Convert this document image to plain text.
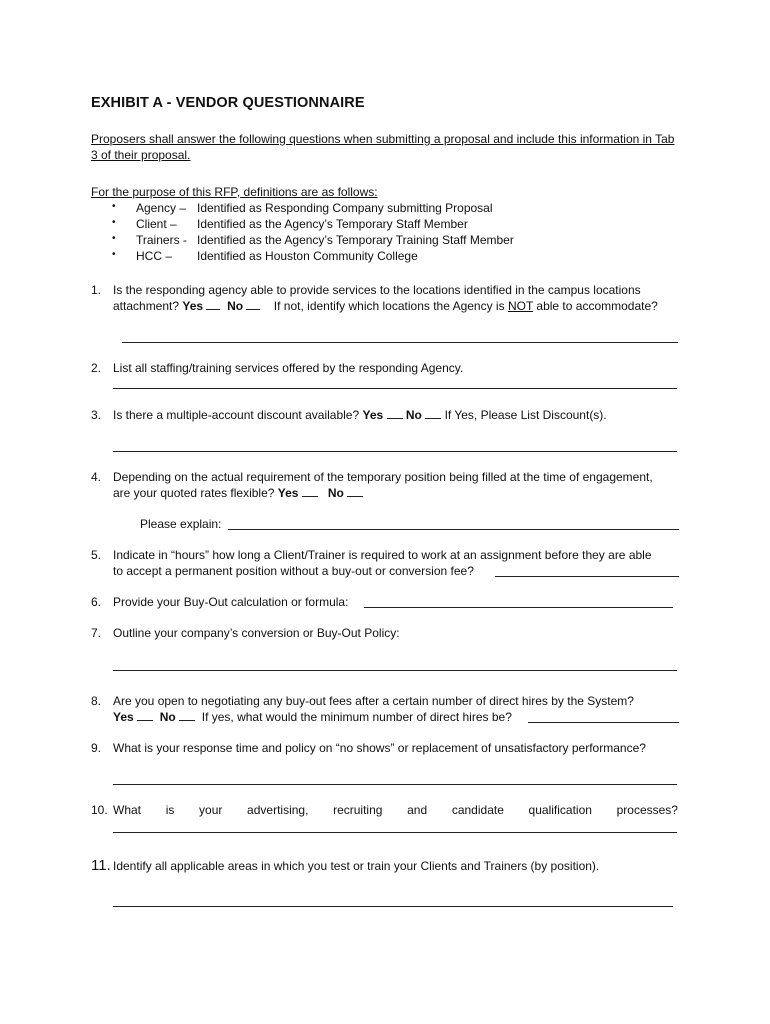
EXHIBIT A - VENDOR QUESTIONNAIRE
Proposers shall answer the following questions when submitting a proposal and include this information in Tab 3 of their proposal.
For the purpose of this RFP, definitions are as follows:
• Agency – Identified as Responding Company submitting Proposal
• Client – Identified as the Agency’s Temporary Staff Member
• Trainers - Identified as the Agency’s Temporary Training Staff Member
• HCC – Identified as Houston Community College
1. Is the responding agency able to provide services to the locations identified in the campus locations
attachment? Yes No	If not, identify which locations the Agency is NOT able to accommodate?
2. List all staffing/training services offered by the responding Agency.
3. Is there a multiple-account discount available? Yes No If Yes, Please List Discount(s).
4. Depending on the actual requirement of the temporary position being filled at the time of engagement,
are your quoted rates flexible? Yes No
Please explain:
5. Indicate in “hours” how long a Client/Trainer is required to work at an assignment before they are able
to accept a permanent position without a buy-out or conversion fee?
6. Provide your Buy-Out calculation or formula:
7. Outline your company’s conversion or Buy-Out Policy:
8. Are you open to negotiating any buy-out fees after a certain number of direct hires by the System?
Yes No If yes, what would the minimum number of direct hires be?
9. What is your response time and policy on “no shows” or replacement of unsatisfactory performance?
10. What is your advertising, recruiting and candidate qualification processes?
11. Identify all applicable areas in which you test or train your Clients and Trainers (by position).
